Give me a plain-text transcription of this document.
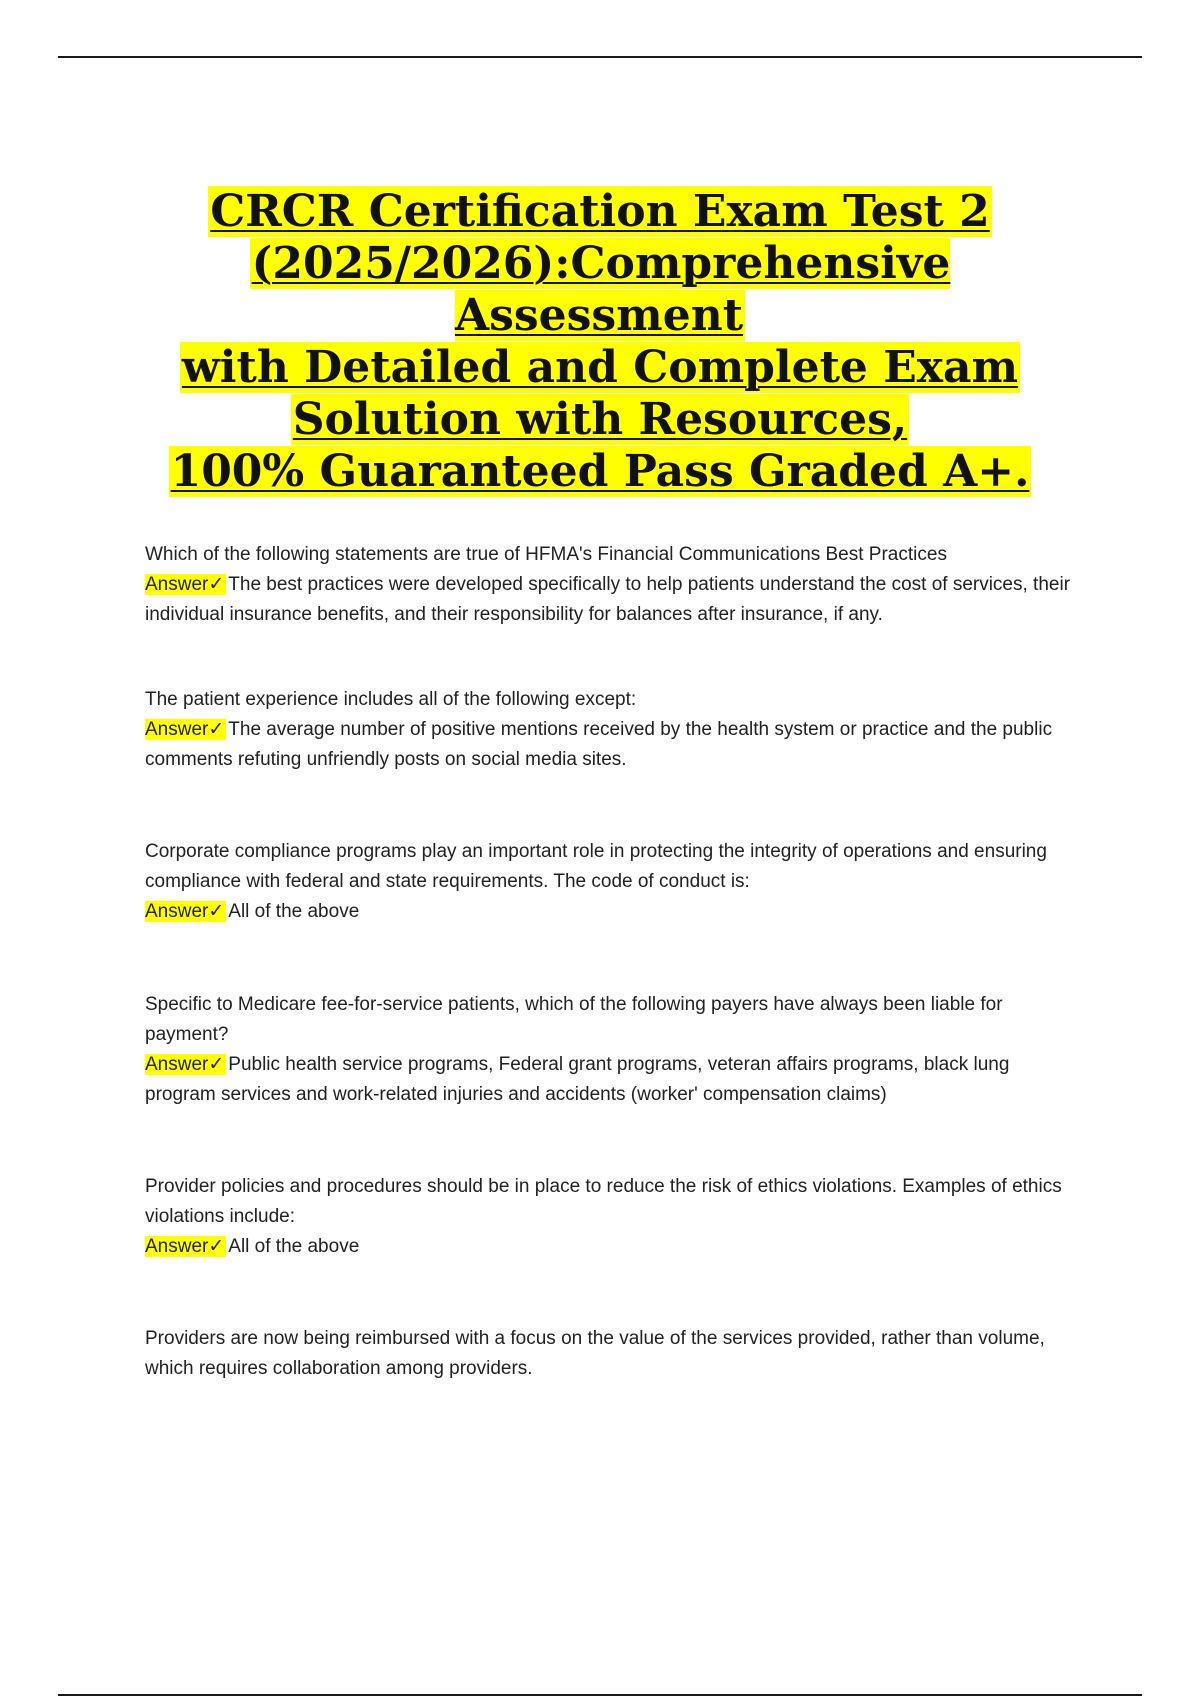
CRCR Certification Exam Test 2
(2025/2026):Comprehensive Assessment
with Detailed and Complete Exam
Solution with Resources,
100% Guaranteed Pass Graded A+.

Which of the following statements are true of HFMA's Financial Communications Best Practices

Answer✓ The best practices were developed specifically to help patients understand the cost of services, their individual insurance benefits, and their responsibility for balances after insurance, if any.

The patient experience includes all of the following except:

Answer✓ The average number of positive mentions received by the health system or practice and the public comments refuting unfriendly posts on social media sites.

Corporate compliance programs play an important role in protecting the integrity of operations and ensuring compliance with federal and state requirements. The code of conduct is:

Answer✓ All of the above

Specific to Medicare fee-for-service patients, which of the following payers have always been liable for payment?

Answer✓ Public health service programs, Federal grant programs, veteran affairs programs, black lung program services and work-related injuries and accidents (worker' compensation claims)

Provider policies and procedures should be in place to reduce the risk of ethics violations. Examples of ethics violations include:

Answer✓ All of the above

Providers are now being reimbursed with a focus on the value of the services provided, rather than volume, which requires collaboration among providers.
